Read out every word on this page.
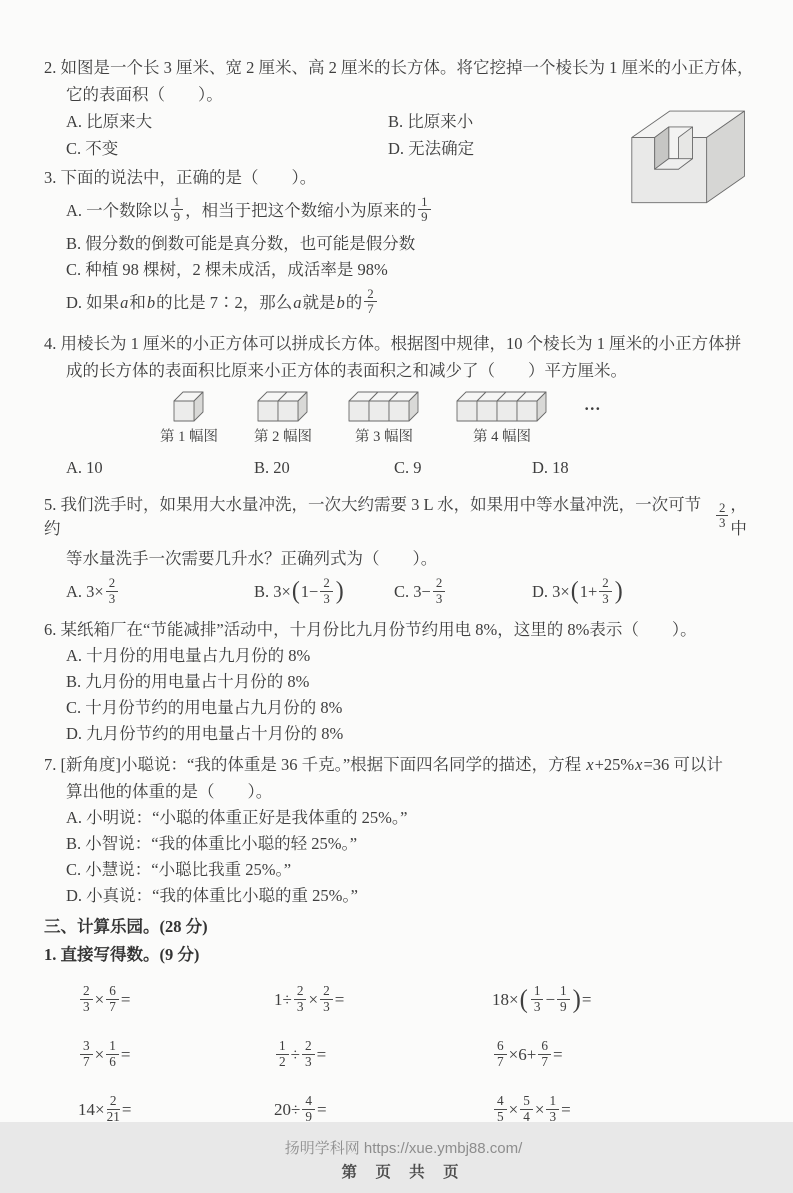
2. 如图是一个长 3 厘米、宽 2 厘米、高 2 厘米的长方体。将它挖掉一个棱长为 1 厘米的小正方体，
它的表面积（　　）。
A. 比原来大	B. 比原来小
C. 不变	D. 无法确定
3. 下面的说法中，正确的是（　　）。
A. 一个数除以 $\frac{1}{9}$ ，相当于把这个数缩小为原来的 $\frac{1}{9}$
B. 假分数的倒数可能是真分数，也可能是假分数
C. 种植 98 棵树，2 棵未成活，成活率是 98%
D. 如果 a 和 b 的比是 7∶2，那么 a 就是 b 的 $\frac{2}{7}$
4. 用棱长为 1 厘米的小正方体可以拼成长方体。根据图中规律，10 个棱长为 1 厘米的小正方体拼
成的长方体的表面积比原来小正方体的表面积之和减少了（　　）平方厘米。
第 1 幅图 第 2 幅图	第 3 幅图	第 4 幅图
…
A. 10	B. 20	C. 9	D. 18
5. 我们洗手时，如果用大水量冲洗，一次大约需要 3 L 水，如果用中等水量冲洗，一次可节约	$\frac{2}{3}$ ，中
等水量洗手一次需要几升水？正确列式为（　　）。
A. $3\times \frac{2}{3}$	B. 3× ( $1- \frac{2}{3}$ )	C. $3- \frac{2}{3}$	D. 3× ( $1+ \frac{2}{3}$ )
6. 某纸箱厂在“节能减排”活动中，十月份比九月份节约用电 8%，这里的 8%表示（　　）。
A. 十月份的用电量占九月份的 8%
B. 九月份的用电量占十月份的 8%
C. 十月份节约的用电量占九月份的 8%
D. 九月份节约的用电量占十月份的 8%
7. [新角度]小聪说：“我的体重是 36 千克。”根据下面四名同学的描述，方程 x +25% x =36 可以计
算出他的体重的是（　　）。
A. 小明说：“小聪的体重正好是我体重的 25%。”
B. 小智说：“我的体重比小聪的轻 25%。”
C. 小慧说：“小聪比我重 25%。”
D. 小真说：“我的体重比小聪的重 25%。”
三、计算乐园。(28 分)
1. 直接写得数。(9 分)
$\frac{2}{3} \times \frac{6}{7}$ =	$1\div \frac{2}{3} \times \frac{2}{3}$ =	18× ( $\frac{1}{3} - \frac{1}{9}$ ) =
$\frac{3}{7} \times \frac{1}{6}$ =	$\frac{1}{2} \div \frac{2}{3}$ =	$\frac{6}{7} \times 6+ \frac{6}{7}$ =
$14\times \frac{2}{21}$ =	$20\div \frac{4}{9}$ =	$\frac{4}{5} \times \frac{5}{4} \times \frac{1}{3}$ =
扬明学科网 https://xue.ymbj88.com/
第 页 共 页
